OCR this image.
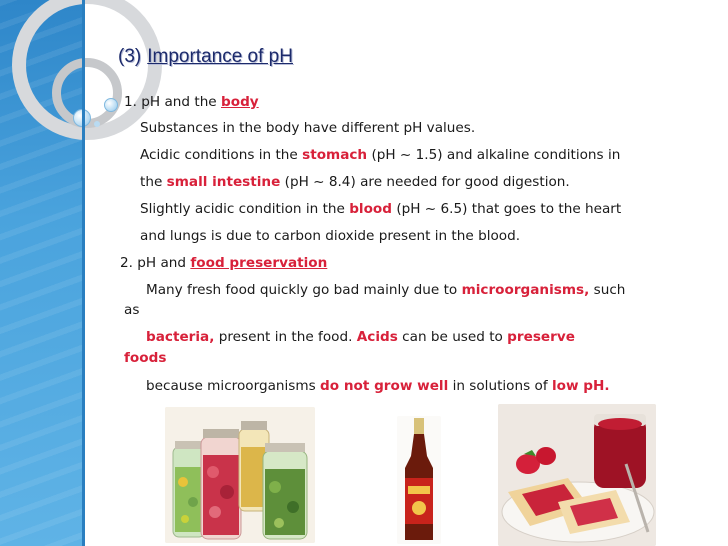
(3) Importance of pH
1. pH and the body
Substances in the body have different pH values.
Acidic conditions in the stomach (pH ~ 1.5) and alkaline conditions in
the small intestine (pH ~ 8.4) are needed for good digestion.
Slightly acidic condition in the blood (pH ~ 6.5) that goes to the heart
and lungs is due to carbon dioxide present in the blood.
2. pH and food preservation
Many fresh food quickly go bad mainly due to microorganisms, such
as
bacteria, present in the food. Acids can be used to preserve
foods
because microorganisms do not grow well in solutions of low pH.
